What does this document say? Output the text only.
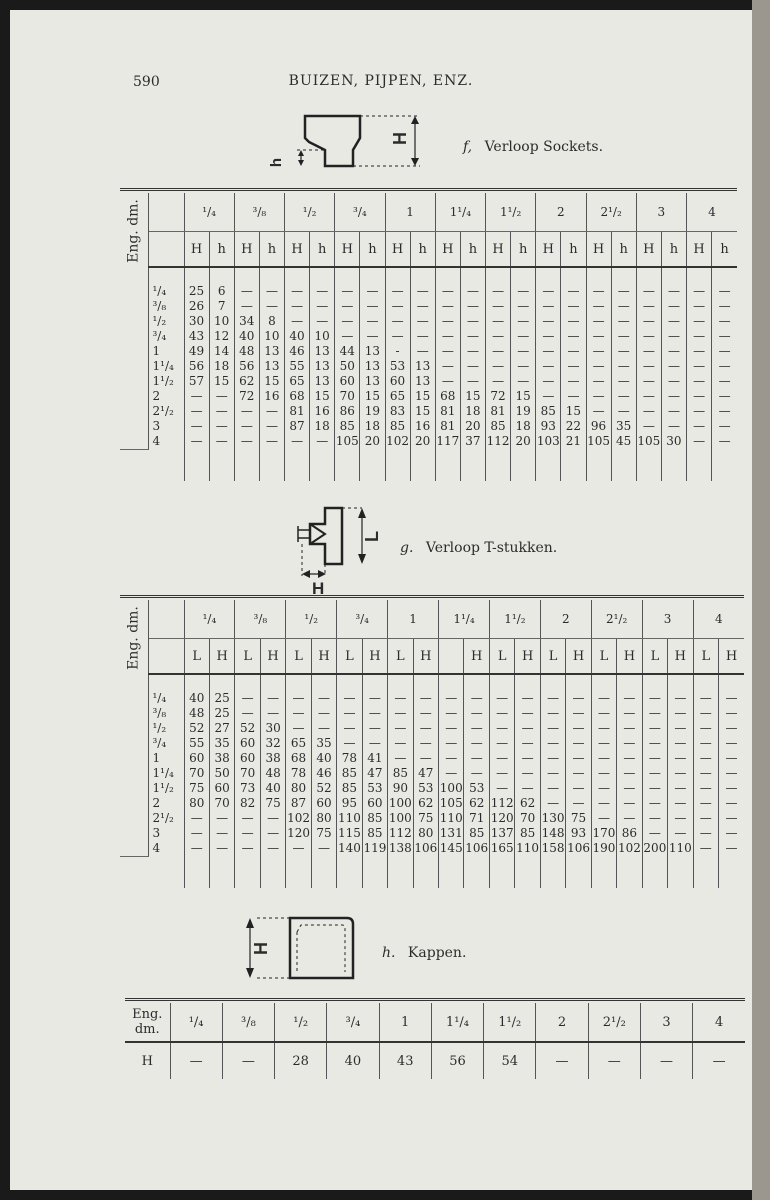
590	BUIZEN, PIJPEN, ENZ.
H
h
f, Verloop Sockets.
Eng. dm.		¹/₄		³/₈		¹/₂		³/₄		1		1¹/₄		1¹/₂		2		2¹/₂		3		4	
		H	h	H	h	H	h	H	h	H	h	H	h	H	h	H	h	H	h	H	h	H	h

	¹/₄	25	6	—	—	—	—	—	—	—	—	—	—	—	—	—	—	—	—	—	—	—	—
	³/₈	26	7	—	—	—	—	—	—	—	—	—	—	—	—	—	—	—	—	—	—	—	—
	¹/₂	30	10	34	8	—	—	—	—	—	—	—	—	—	—	—	—	—	—	—	—	—	—
	³/₄	43	12	40	10	40	10	—	—	—	—	—	—	—	—	—	—	—	—	—	—	—	—
	1	49	14	48	13	46	13	44	13	-	—	—	—	—	—	—	—	—	—	—	—	—	—
	1¹/₄	56	18	56	13	55	13	50	13	53	13	—	—	—	—	—	—	—	—	—	—	—	—
	1¹/₂	57	15	62	15	65	13	60	13	60	13	—	—	—	—	—	—	—	—	—	—	—	—
	2	—	—	72	16	68	15	70	15	65	15	68	15	72	15	—	—	—	—	—	—	—	—
	2¹/₂	—	—	—	—	81	16	86	19	83	15	81	18	81	19	85	15	—	—	—	—	—	—
	3	—	—	—	—	87	18	85	18	85	16	81	20	85	18	93	22	96	35	—	—	—	—
	4	—	—	—	—	—	—	105	20	102	20	117	37	112	20	103	21	105	45	105	30	—	—

L
H
g. Verloop T-stukken.
Eng. dm.		¹/₄		³/₈		¹/₂		³/₄		1		1¹/₄		1¹/₂		2		2¹/₂		3		4	
		L	H	L	H	L	H	L	H	L	H		H	L	H	L	H	L	H	L	H	L	H

	¹/₄	40	25	—	—	—	—	—	—	—	—	—	—	—	—	—	—	—	—	—	—	—	—
	³/₈	48	25	—	—	—	—	—	—	—	—	—	—	—	—	—	—	—	—	—	—	—	—
	¹/₂	52	27	52	30	—	—	—	—	—	—	—	—	—	—	—	—	—	—	—	—	—	—
	³/₄	55	35	60	32	65	35	—	—	—	—	—	—	—	—	—	—	—	—	—	—	—	—
	1	60	38	60	38	68	40	78	41	—	—	—	—	—	—	—	—	—	—	—	—	—	—
	1¹/₄	70	50	70	48	78	46	85	47	85	47	—	—	—	—	—	—	—	—	—	—	—	—
	1¹/₂	75	60	73	40	80	52	85	53	90	53	100	53	—	—	—	—	—	—	—	—	—	—
	2	80	70	82	75	87	60	95	60	100	62	105	62	112	62	—	—	—	—	—	—	—	—
	2¹/₂	—	—	—	—	102	80	110	85	100	75	110	71	120	70	130	75	—	—	—	—	—	—
	3	—	—	—	—	120	75	115	85	112	80	131	85	137	85	148	93	170	86	—	—	—	—
	4	—	—	—	—	—	—	140	119	138	106	145	106	165	110	158	106	190	102	200	110	—	—

H	h. Kappen.
Eng. dm.	¹/₄	³/₈	¹/₂	³/₄	1	1¹/₄	1¹/₂	2	2¹/₂	3	4
H	—	—	28	40	43	56	54	—	—	—	—
